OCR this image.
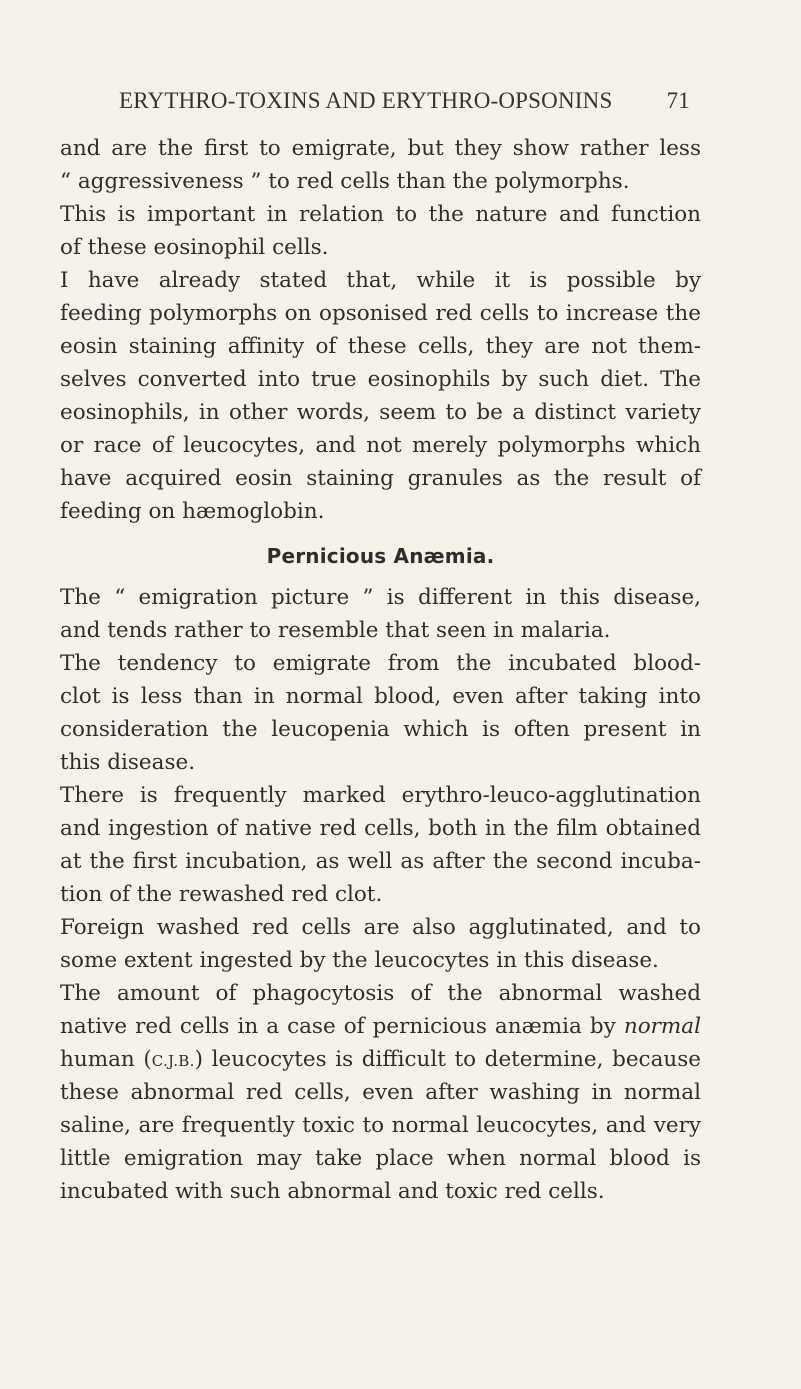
ERYTHRO-TOXINS AND ERYTHRO-OPSONINS 71
and are the first to emigrate, but they show rather less
“ aggressiveness ” to red cells than the polymorphs.
This is important in relation to the nature and function
of these eosinophil cells.
I have already stated that, while it is possible by
feeding polymorphs on opsonised red cells to increase the
eosin staining affinity of these cells, they are not them-
selves converted into true eosinophils by such diet. The
eosinophils, in other words, seem to be a distinct variety
or race of leucocytes, and not merely polymorphs which
have acquired eosin staining granules as the result of
feeding on hæmoglobin.
Pernicious Anæmia.
The “ emigration picture ” is different in this disease,
and tends rather to resemble that seen in malaria.
The tendency to emigrate from the incubated blood-
clot is less than in normal blood, even after taking into
consideration the leucopenia which is often present in
this disease.
There is frequently marked erythro-leuco-agglutination
and ingestion of native red cells, both in the film obtained
at the first incubation, as well as after the second incuba-
tion of the rewashed red clot.
Foreign washed red cells are also agglutinated, and to
some extent ingested by the leucocytes in this disease.
The amount of phagocytosis of the abnormal washed
native red cells in a case of pernicious anæmia by normal
human (C.J.B.) leucocytes is difficult to determine, because
these abnormal red cells, even after washing in normal
saline, are frequently toxic to normal leucocytes, and very
little emigration may take place when normal blood is
incubated with such abnormal and toxic red cells.
